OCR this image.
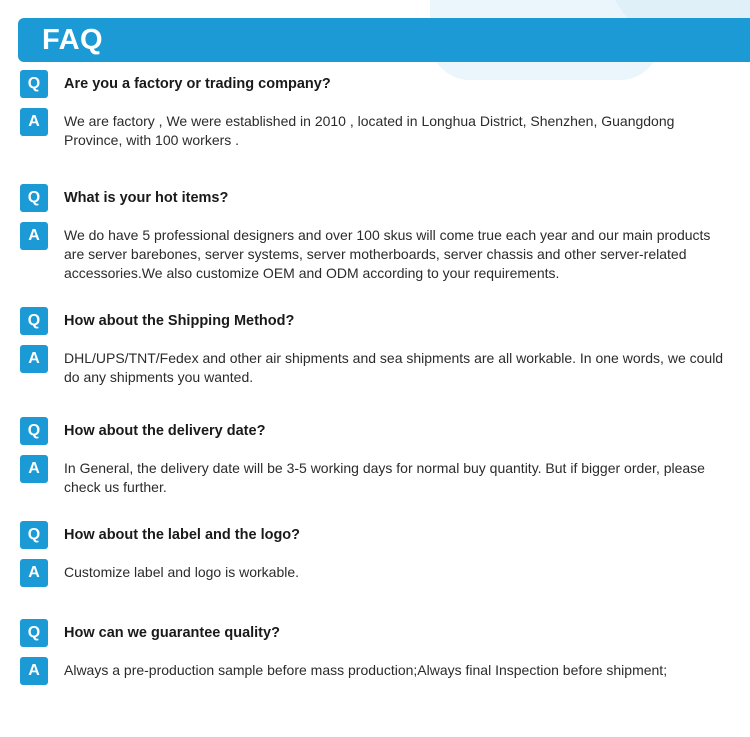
FAQ
Q	Are you a factory or trading company?
A	We are factory , We were established in 2010 , located in Longhua District, Shenzhen, Guangdong Province, with 100 workers .
Q	What is your hot items?
A	We do have 5 professional designers and over 100 skus will come true each year and our main products are server barebones, server systems, server motherboards, server chassis and other server-related accessories.We also customize OEM and ODM according to your requirements.
Q	How about the Shipping Method?
A	DHL/UPS/TNT/Fedex and other air shipments and sea shipments are all workable. In one words, we could do any shipments you wanted.
Q	How about the delivery date?
A	In General, the delivery date will be 3-5 working days for normal buy quantity. But if bigger order, please check us further.
Q	How about the label and the logo?
A	Customize label and logo is workable.
Q	How can we guarantee quality?
A	Always a pre-production sample before mass production;Always final Inspection before shipment;
